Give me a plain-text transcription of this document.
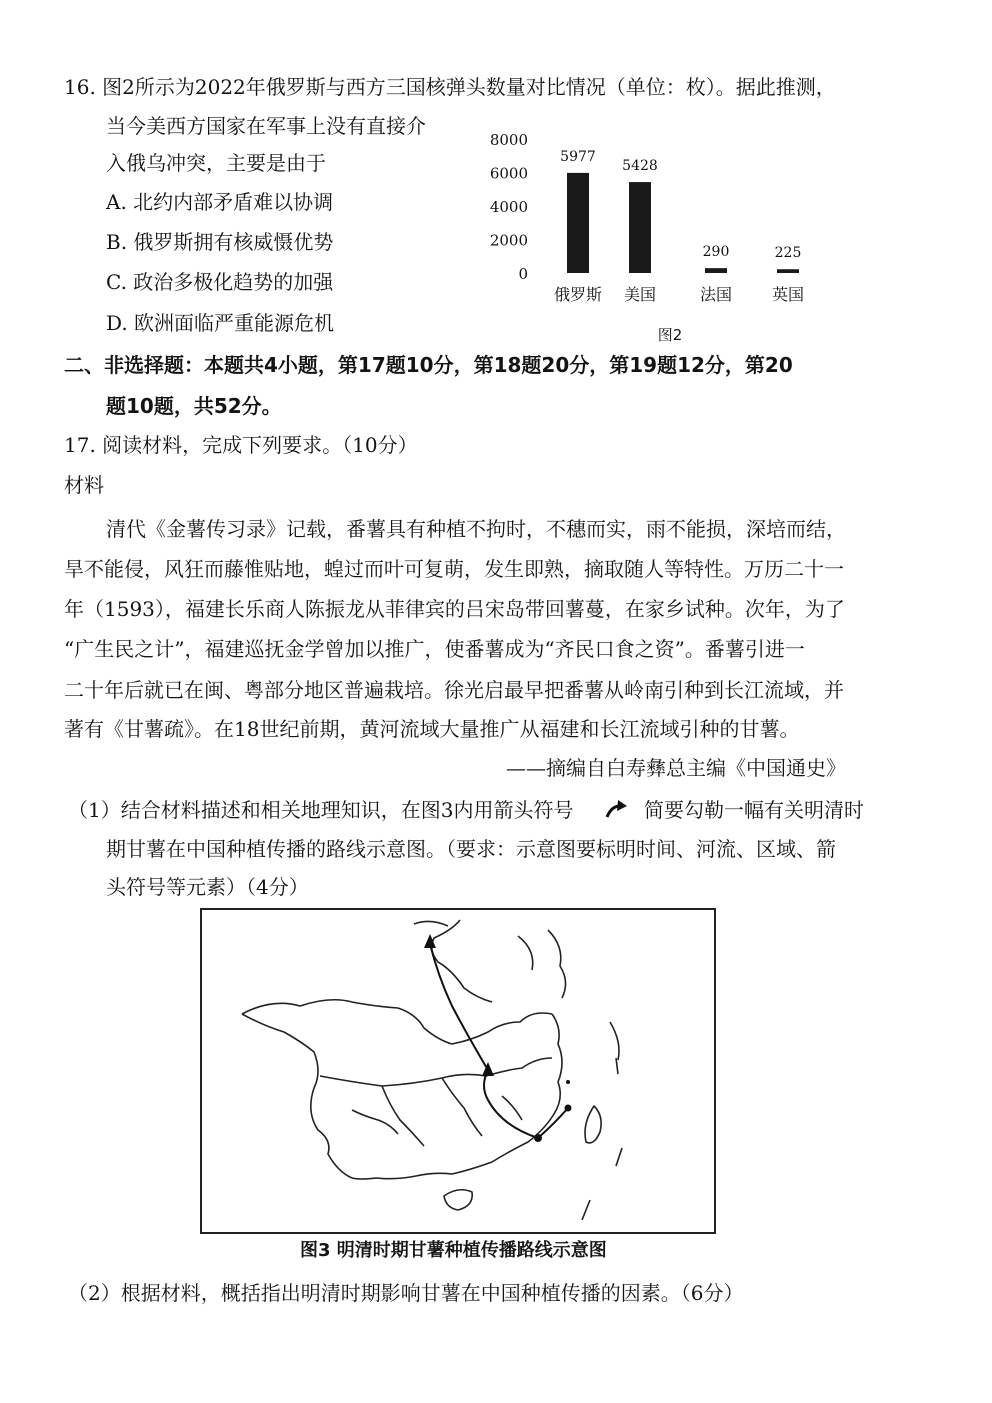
16. 图2所示为2022年俄罗斯与西方三国核弹头数量对比情况（单位：枚）。据此推测，
当今美西方国家在军事上没有直接介
入俄乌冲突，主要是由于
A. 北约内部矛盾难以协调
B. 俄罗斯拥有核威慑优势
C. 政治多极化趋势的加强
D. 欧洲面临严重能源危机
8000
6000
4000
2000
0
5977
俄罗斯
5428
美国
290
法国
225
英国
图2
二、非选择题：本题共4小题，第17题10分，第18题20分，第19题12分，第20
题10题，共52分。
17. 阅读材料，完成下列要求。（10分）
材料
清代《金薯传习录》记载，番薯具有种植不拘时，不穗而实，雨不能损，深培而结，
旱不能侵，风狂而藤惟贴地，蝗过而叶可复萌，发生即熟，摘取随人等特性。万历二十一
年（1593），福建长乐商人陈振龙从菲律宾的吕宋岛带回薯蔓，在家乡试种。次年，为了
“广生民之计”，福建巡抚金学曾加以推广，使番薯成为“齐民口食之资”。番薯引进一
二十年后就已在闽、粤部分地区普遍栽培。徐光启最早把番薯从岭南引种到长江流域，并
著有《甘薯疏》。在18世纪前期，黄河流域大量推广从福建和长江流域引种的甘薯。
——摘编自白寿彝总主编《中国通史》
（1）结合材料描述和相关地理知识，在图3内用箭头符号	简要勾勒一幅有关明清时
期甘薯在中国种植传播的路线示意图。（要求：示意图要标明时间、河流、区域、箭
头符号等元素）（4分）
图3 明清时期甘薯种植传播路线示意图
（2）根据材料，概括指出明清时期影响甘薯在中国种植传播的因素。（6分）
